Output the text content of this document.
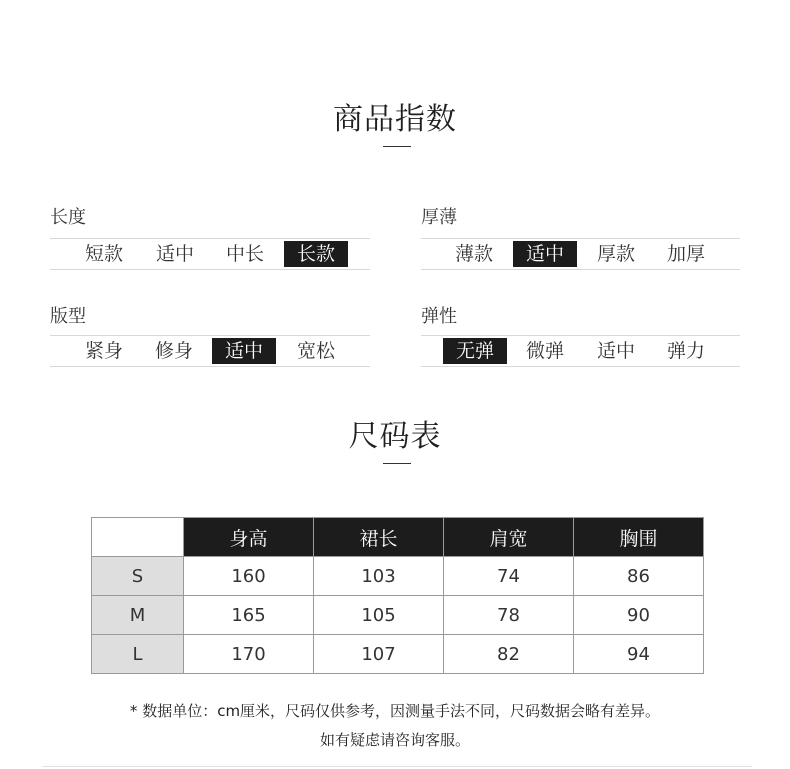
商品指数
长度
短款	适中	中长	长款
厚薄
薄款	适中	厚款	加厚
版型
紧身	修身	适中	宽松
弹性
无弹	微弹	适中	弹力
尺码表
	身高	裙长	肩宽	胸围
S	160	103	74	86
M	165	105	78	90
L	170	107	82	94
* 数据单位：cm厘米，尺码仅供参考，因测量手法不同，尺码数据会略有差异。
如有疑虑请咨询客服。
